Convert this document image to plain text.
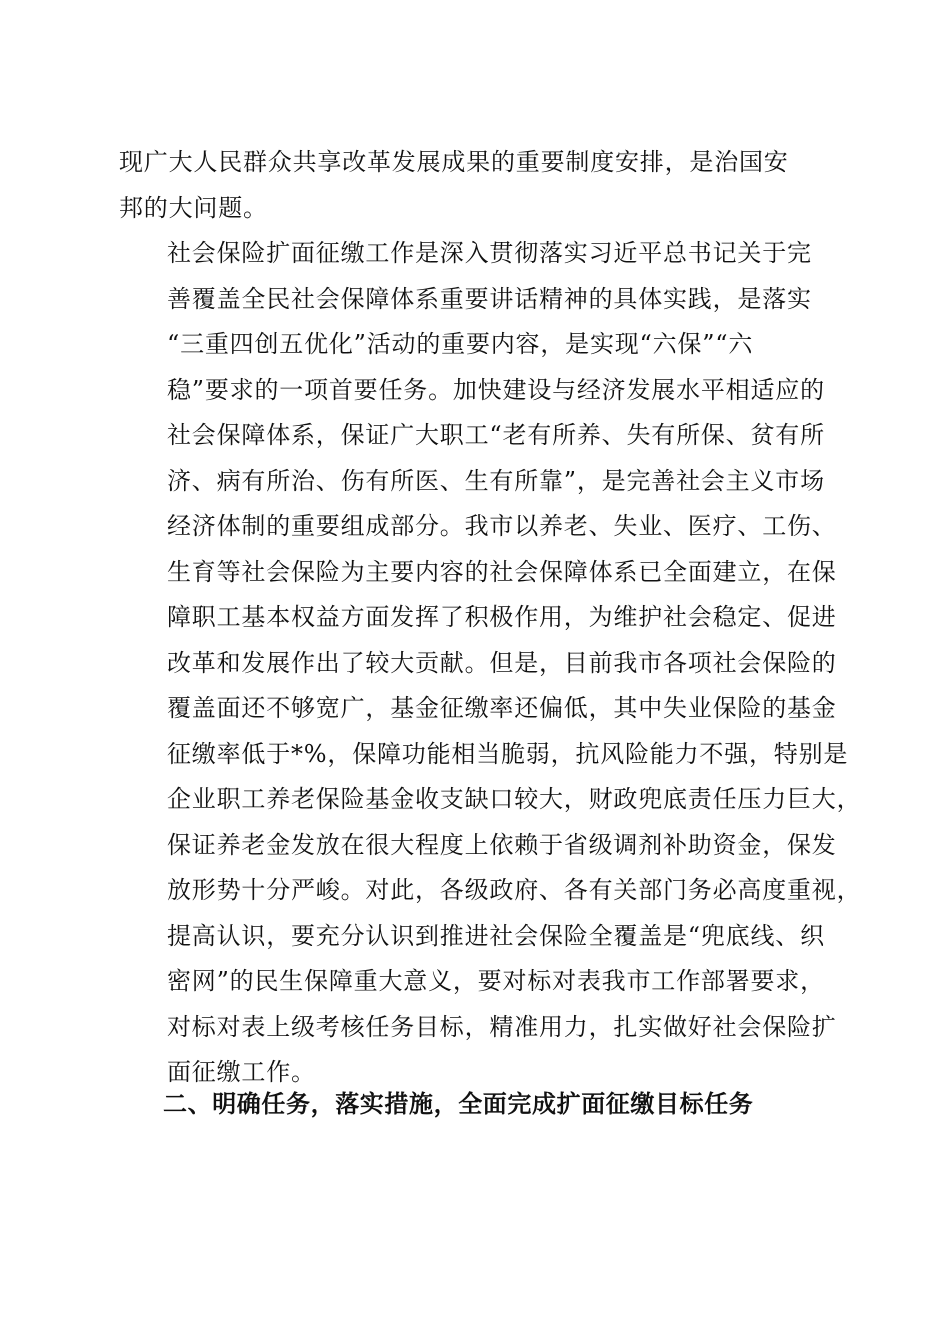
现广大人民群众共享改革发展成果的重要制度安排，是治国安
邦的大问题。
社会保险扩面征缴工作是深入贯彻落实习近平总书记关于完
善覆盖全民社会保障体系重要讲话精神的具体实践，是落实
“三重四创五优化”活动的重要内容，是实现“六保”“六
稳”要求的一项首要任务。加快建设与经济发展水平相适应的
社会保障体系，保证广大职工“老有所养、失有所保、贫有所
济、病有所治、伤有所医、生有所靠”，是完善社会主义市场
经济体制的重要组成部分。我市以养老、失业、医疗、工伤、
生育等社会保险为主要内容的社会保障体系已全面建立，在保
障职工基本权益方面发挥了积极作用，为维护社会稳定、促进
改革和发展作出了较大贡献。但是，目前我市各项社会保险的
覆盖面还不够宽广，基金征缴率还偏低，其中失业保险的基金
征缴率低于*%，保障功能相当脆弱，抗风险能力不强，特别是
企业职工养老保险基金收支缺口较大，财政兜底责任压力巨大，
保证养老金发放在很大程度上依赖于省级调剂补助资金，保发
放形势十分严峻。对此，各级政府、各有关部门务必高度重视，
提高认识，要充分认识到推进社会保险全覆盖是“兜底线、织
密网”的民生保障重大意义，要对标对表我市工作部署要求，
对标对表上级考核任务目标，精准用力，扎实做好社会保险扩
面征缴工作。
二、明确任务，落实措施，全面完成扩面征缴目标任务
